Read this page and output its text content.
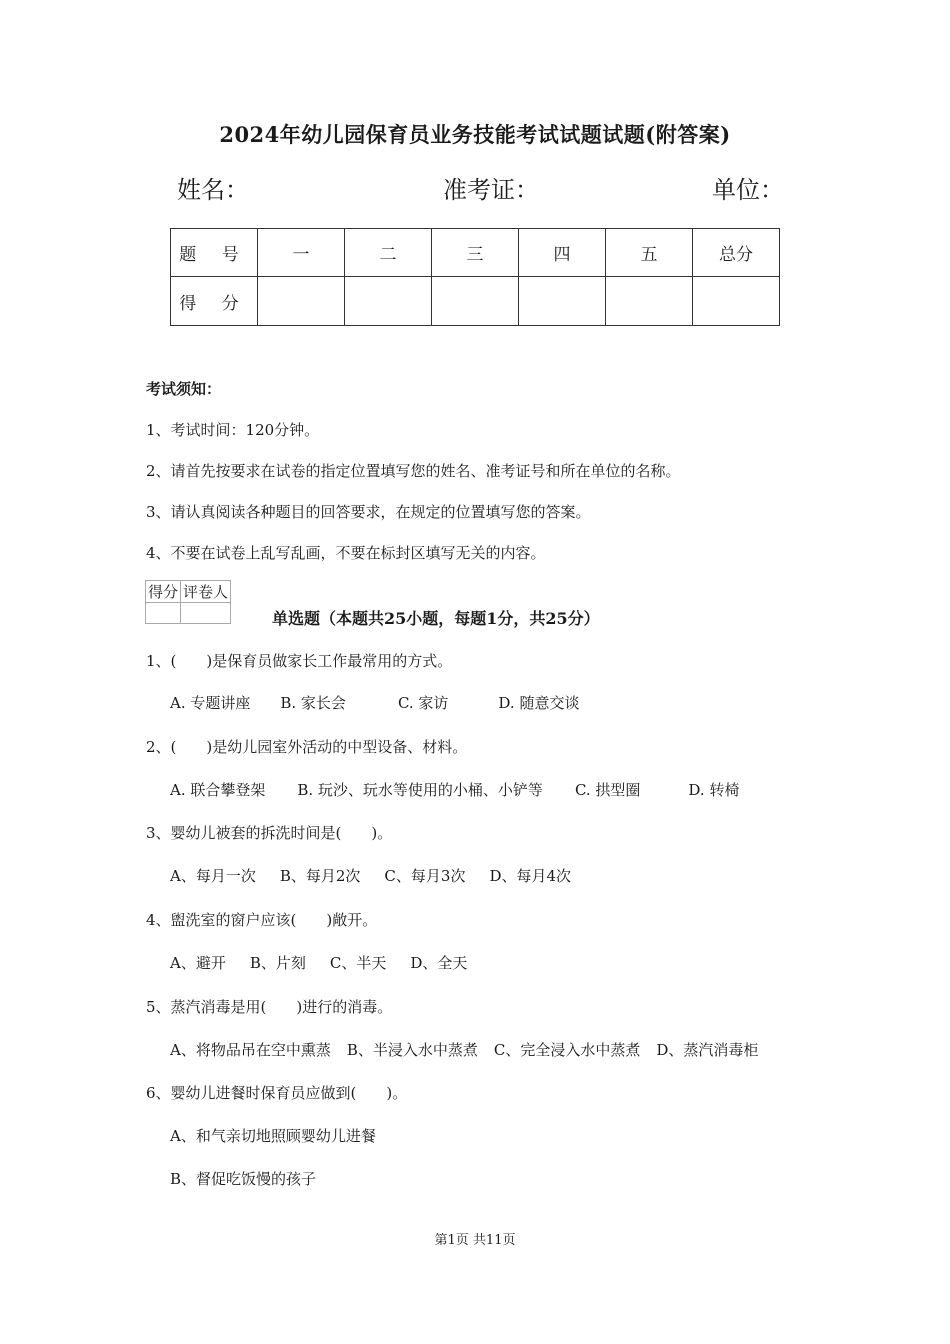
2024年幼儿园保育员业务技能考试试题试题(附答案)
姓名：	准考证：	单位：
题 号	一	二	三	四	五	总分
得 分						
考试须知：
1、考试时间：120分钟。
2、请首先按要求在试卷的指定位置填写您的姓名、准考证号和所在单位的名称。
3、请认真阅读各种题目的回答要求，在规定的位置填写您的答案。
4、不要在试卷上乱写乱画，不要在标封区填写无关的内容。
得分	评卷人

单选题（本题共25小题，每题1分，共25分）
1、(　　)是保育员做家长工作最常用的方式。
A. 专题讲座 B. 家长会	C. 家访	D. 随意交谈
2、(　　)是幼儿园室外活动的中型设备、材料。
A. 联合攀登架 B. 玩沙、玩水等使用的小桶、小铲等 C. 拱型圈	D. 转椅
3、婴幼儿被套的拆洗时间是(　　)。
A、每月一次 B、每月2次 C、每月3次 D、每月4次
4、盥洗室的窗户应该(　　)敞开。
A、避开 B、片刻 C、半天 D、全天
5、蒸汽消毒是用(　　)进行的消毒。
A、将物品吊在空中熏蒸 B、半浸入水中蒸煮 C、完全浸入水中蒸煮 D、蒸汽消毒柜
6、婴幼儿进餐时保育员应做到(　　)。
A、和气亲切地照顾婴幼儿进餐
B、督促吃饭慢的孩子
第1页 共11页
